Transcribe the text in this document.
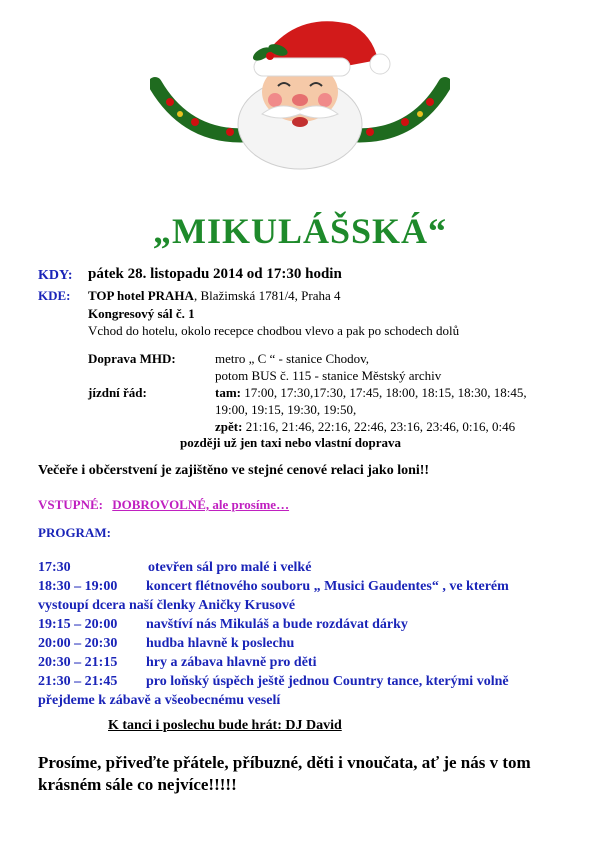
„MIKULÁŠSKÁ“
KDY: pátek 28. listopadu 2014 od 17:30 hodin
KDE: TOP hotel PRAHA, Blažimská 1781/4, Praha 4
Kongresový sál č. 1
Vchod do hotelu, okolo recepce chodbou vlevo a pak po schodech dolů
Doprava MHD:	metro „ C “ - stanice Chodov,
potom BUS č. 115 - stanice Městský archiv
jízdní řád:	tam: 17:00, 17:30,17:30, 17:45, 18:00, 18:15, 18:30, 18:45,
19:00, 19:15, 19:30, 19:50,
zpět: 21:16, 21:46, 22:16, 22:46, 23:16, 23:46, 0:16, 0:46
později už jen taxi nebo vlastní doprava
Večeře i občerstvení je zajištěno ve stejné cenové relaci jako loni!!
VSTUPNÉ: DOBROVOLNÉ, ale prosíme…
PROGRAM:
17:30	otevřen sál pro malé i velké
18:30 – 19:00 koncert flétnového souboru „ Musici Gaudentes“ , ve kterém
vystoupí dcera naší členky Aničky Krusové
19:15 – 20:00 navštíví nás Mikuláš a bude rozdávat dárky
20:00 – 20:30 hudba hlavně k poslechu
20:30 – 21:15 hry a zábava hlavně pro děti
21:30 – 21:45 pro loňský úspěch ještě jednou Country tance, kterými volně
přejdeme k zábavě a všeobecnému veselí
K tanci i poslechu bude hrát: DJ David
Prosíme, přiveďte přátele, příbuzné, děti i vnoučata, ať je nás v tom
krásném sále co nejvíce!!!!!
